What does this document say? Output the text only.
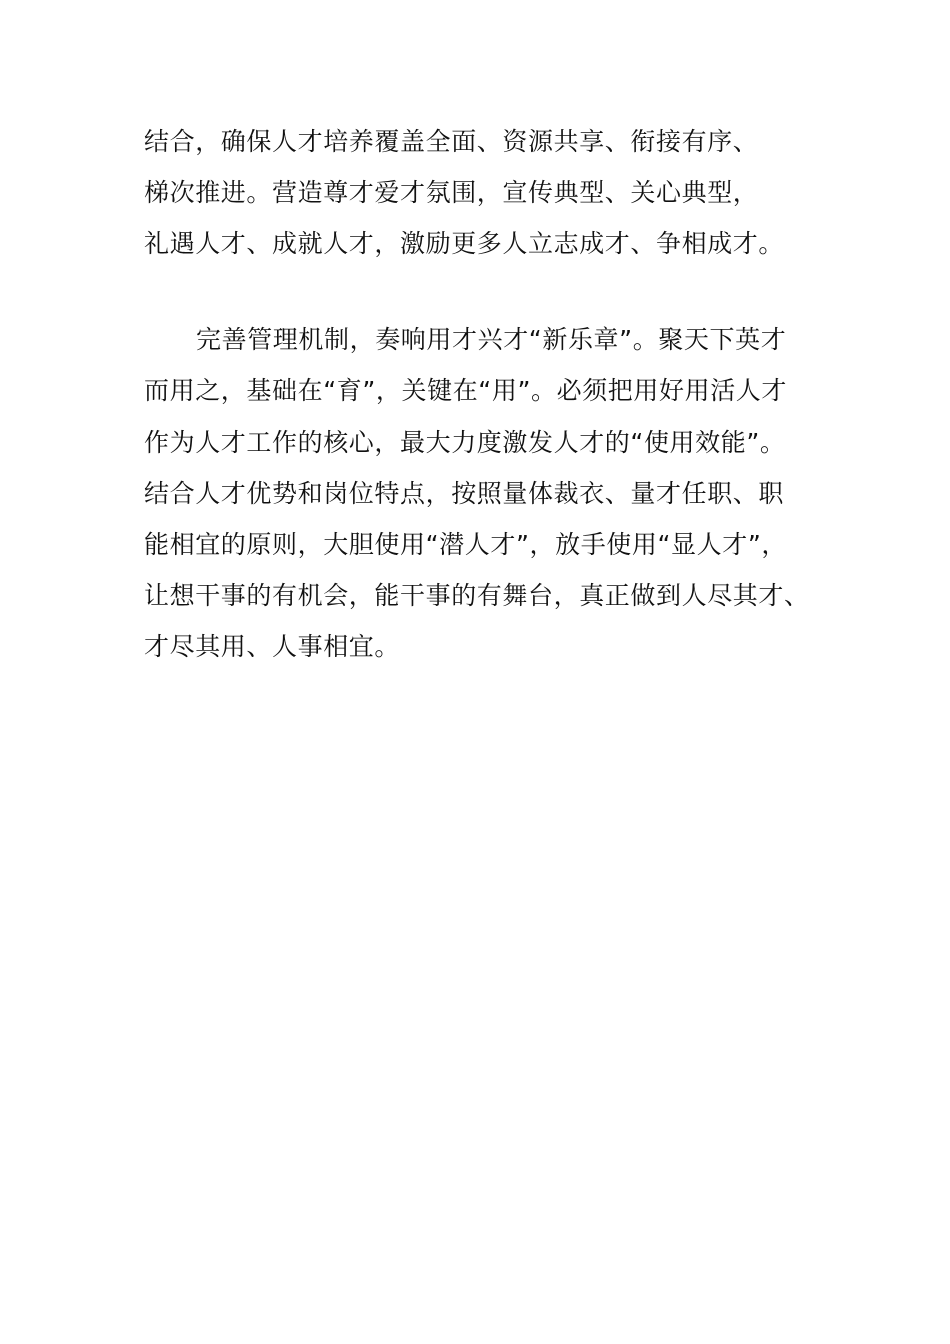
结合，确保人才培养覆盖全面、资源共享、衔接有序、
梯次推进。营造尊才爱才氛围，宣传典型、关心典型，
礼遇人才、成就人才，激励更多人立志成才、争相成才。
完善管理机制，奏响用才兴才“新乐章”。聚天下英才
而用之，基础在“育”，关键在“用”。必须把用好用活人才
作为人才工作的核心，最大力度激发人才的“使用效能”。
结合人才优势和岗位特点，按照量体裁衣、量才任职、职
能相宜的原则，大胆使用“潜人才”，放手使用“显人才”，
让想干事的有机会，能干事的有舞台，真正做到人尽其才、
才尽其用、人事相宜。
